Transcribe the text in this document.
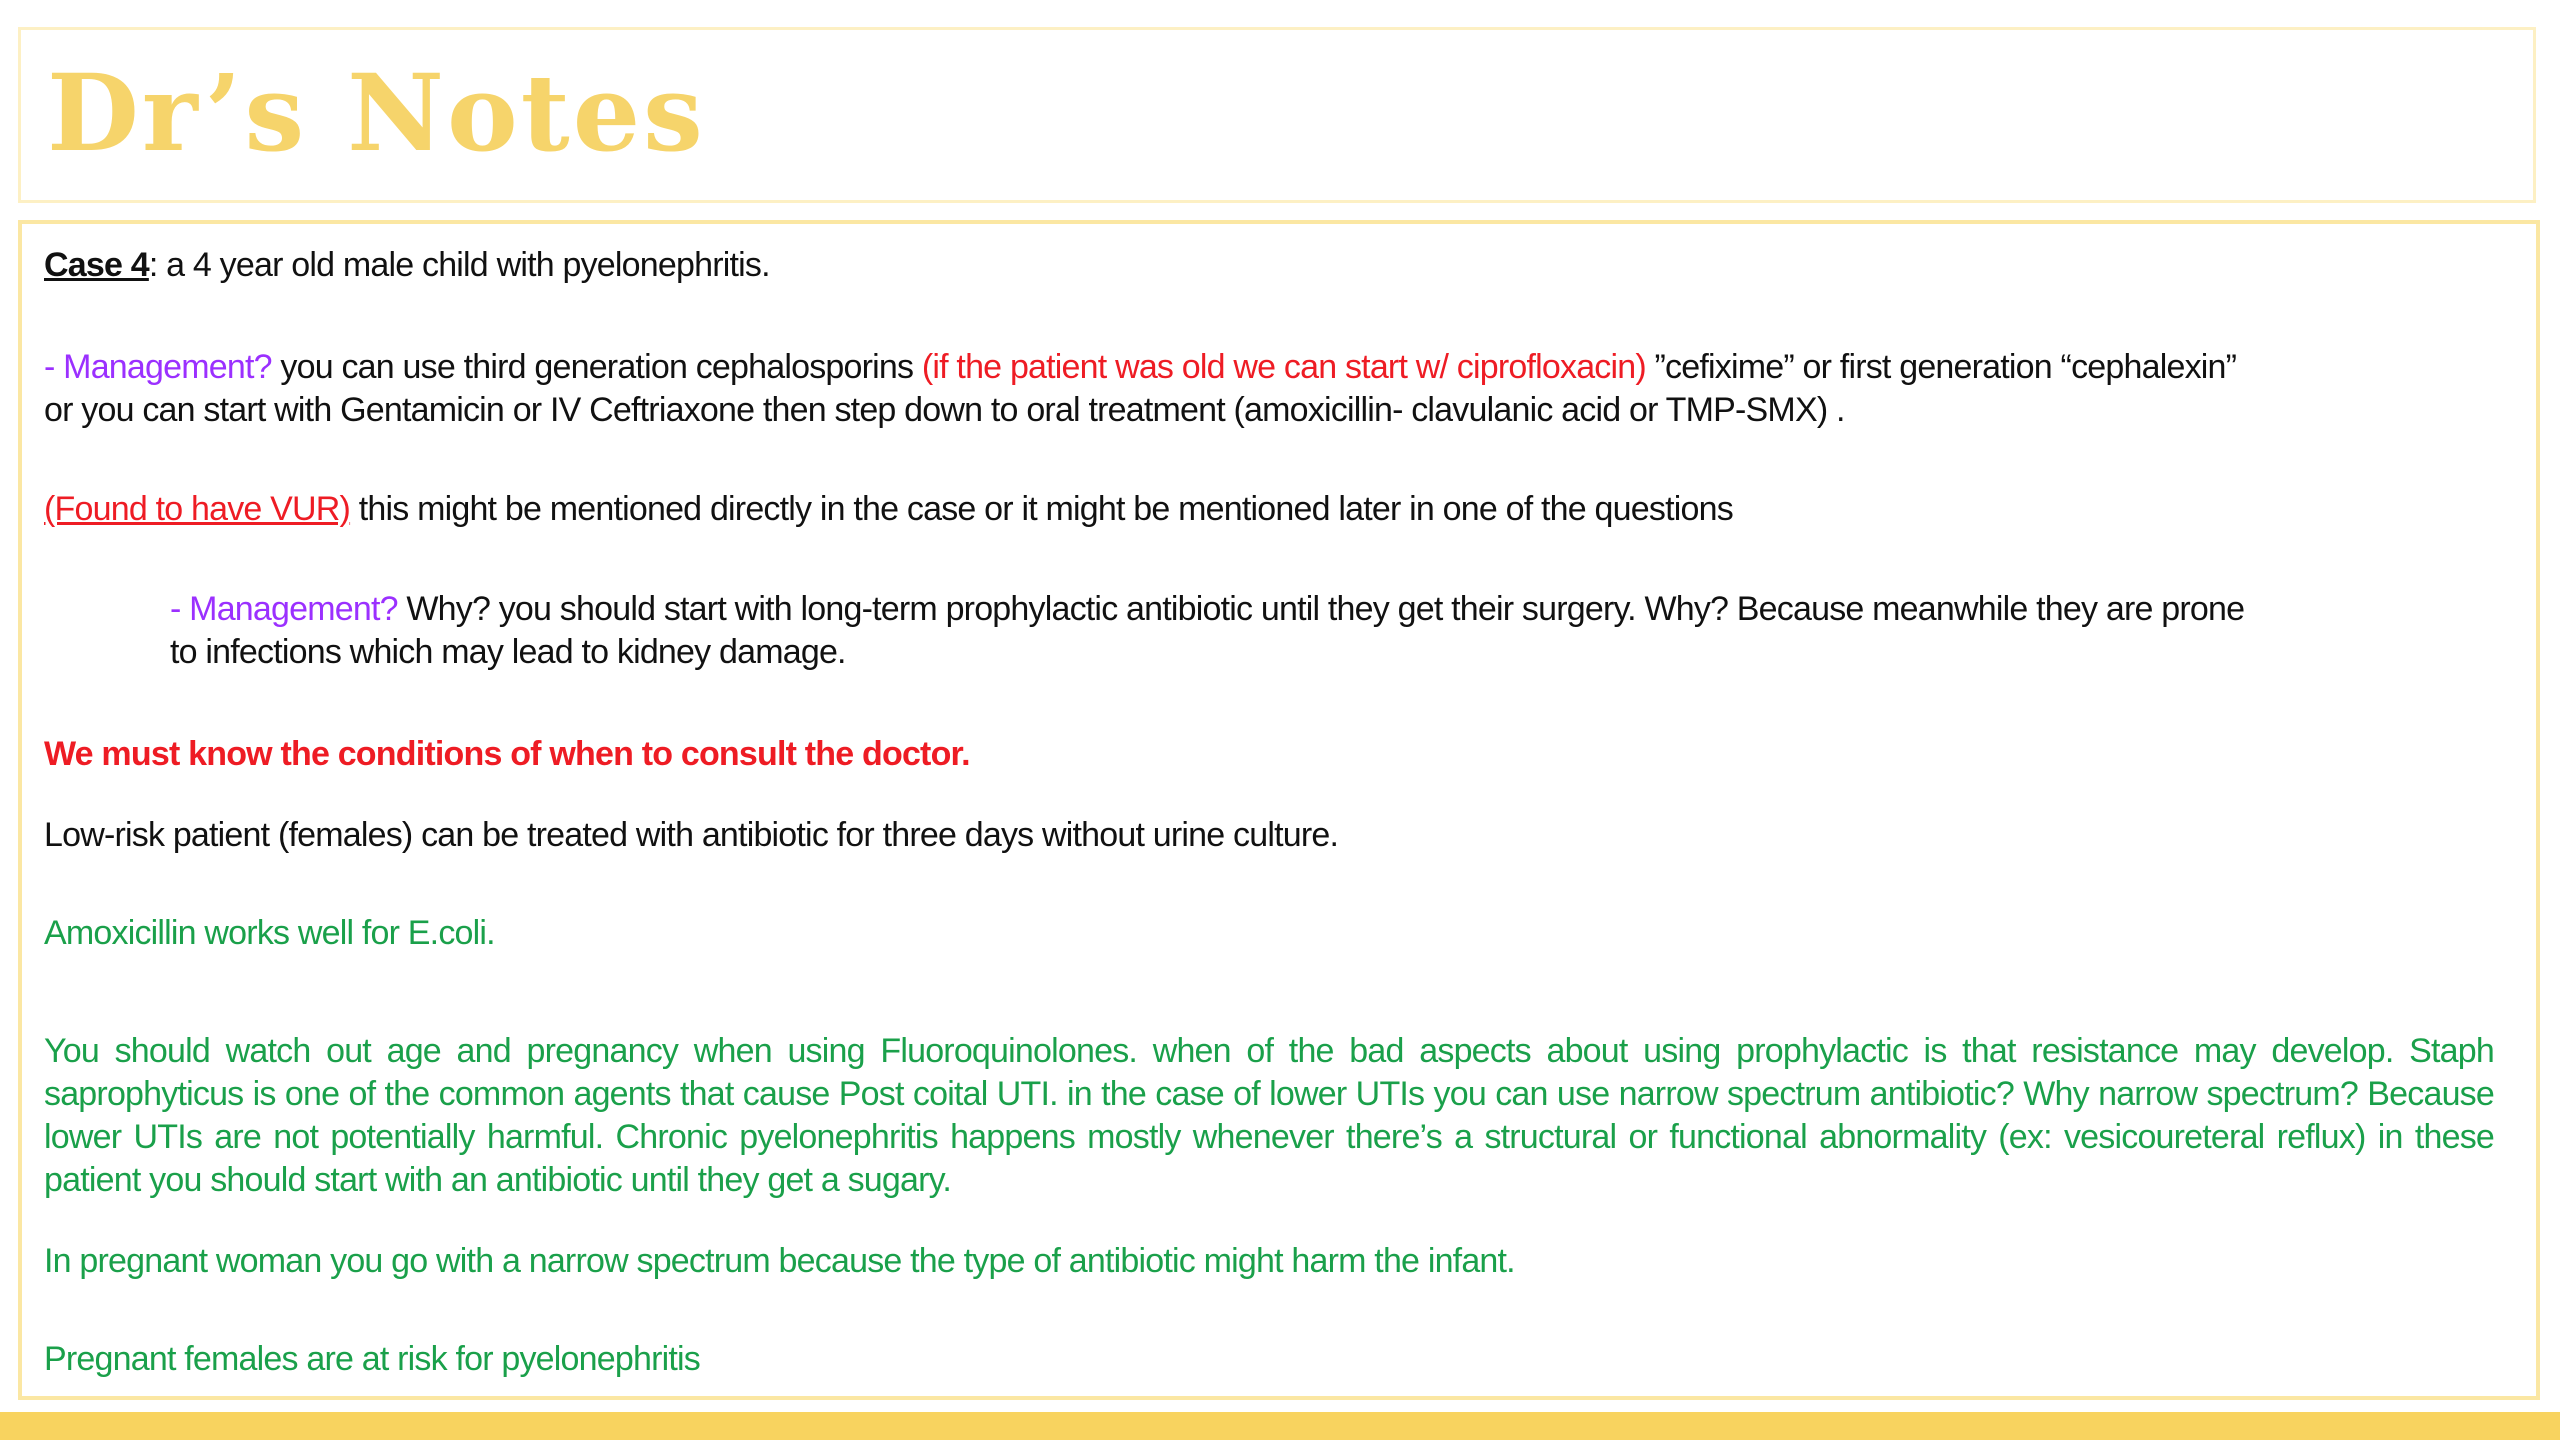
Dr’s Notes

Case 4: a 4 year old male child with pyelonephritis.

- Management? you can use third generation cephalosporins (if the patient was old we can start w/ ciprofloxacin) ”cefixime” or first generation “cephalexin”

or you can start with Gentamicin or IV Ceftriaxone then step down to oral treatment (amoxicillin- clavulanic acid or TMP-SMX) .

(Found to have VUR) this might be mentioned directly in the case or it might be mentioned later in one of the questions

- Management? Why? you should start with long-term prophylactic antibiotic until they get their surgery. Why? Because meanwhile they are prone

to infections which may lead to kidney damage.

We must know the conditions of when to consult the doctor.

Low-risk patient (females) can be treated with antibiotic for three days without urine culture.

Amoxicillin works well for E.coli.

You should watch out age and pregnancy when using Fluoroquinolones. when of the bad aspects about using prophylactic is that resistance may develop. Staph saprophyticus is one of the common agents that cause Post coital UTI. in the case of lower UTIs you can use narrow spectrum antibiotic? Why narrow spectrum? Because lower UTIs are not potentially harmful. Chronic pyelonephritis happens mostly whenever there’s a structural or functional abnormality (ex: vesicoureteral reflux) in these patient you should start with an antibiotic until they get a sugary.

In pregnant woman you go with a narrow spectrum because the type of antibiotic might harm the infant.

Pregnant females are at risk for pyelonephritis
